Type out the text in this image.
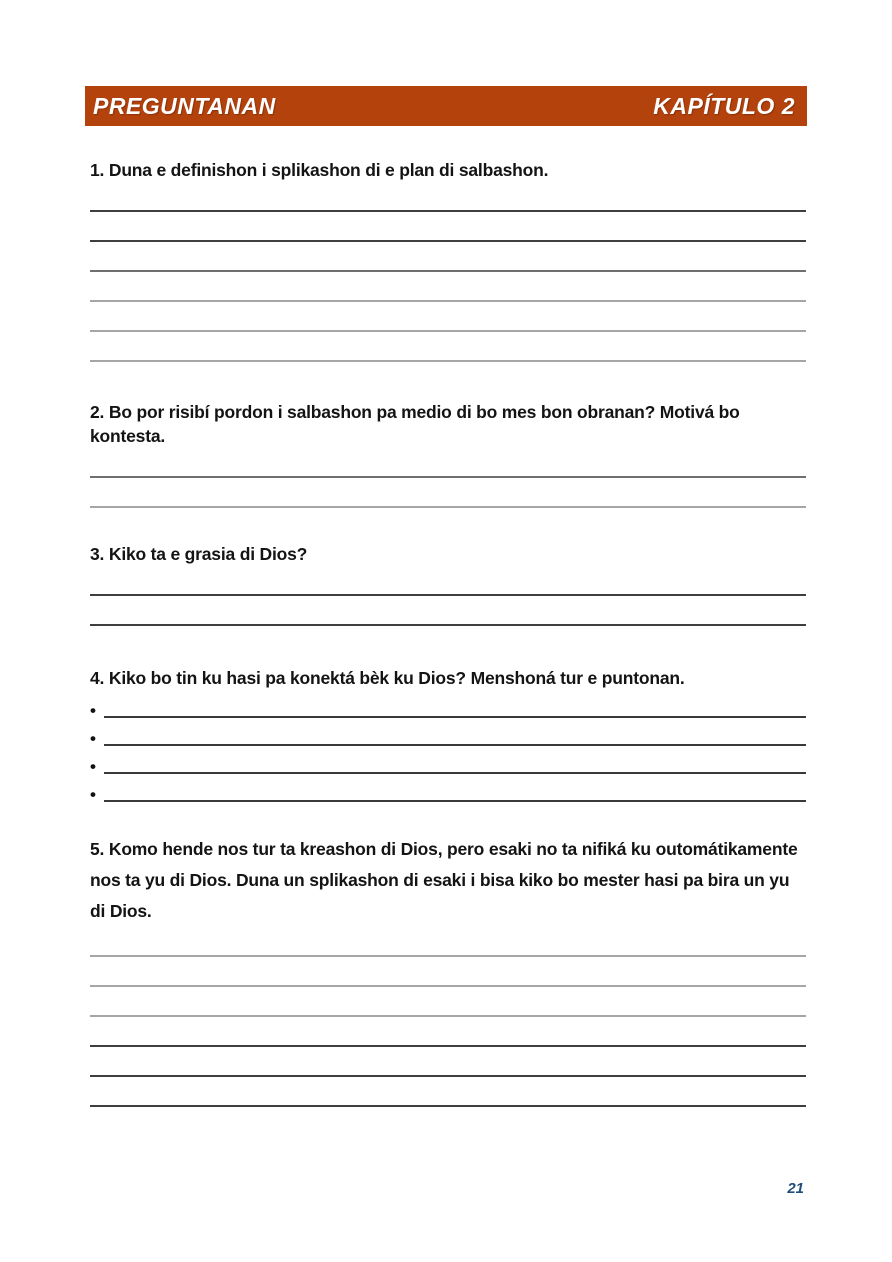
PREGUNTANAN	KAPÍTULO 2

1. Duna e definishon i splikashon di e plan di salbashon.

2. Bo por risibí pordon i salbashon pa medio di bo mes bon obranan? Motivá bo kontesta.

3. Kiko ta e grasia di Dios?

4. Kiko bo tin ku hasi pa konektá bèk ku Dios? Menshoná tur e puntonan.

•
•
•
•

5. Komo hende nos tur ta kreashon di Dios, pero esaki no ta nifiká ku outomátikamente nos ta yu di Dios. Duna un splikashon di esaki i bisa kiko bo mester hasi pa bira un yu di Dios.

21
